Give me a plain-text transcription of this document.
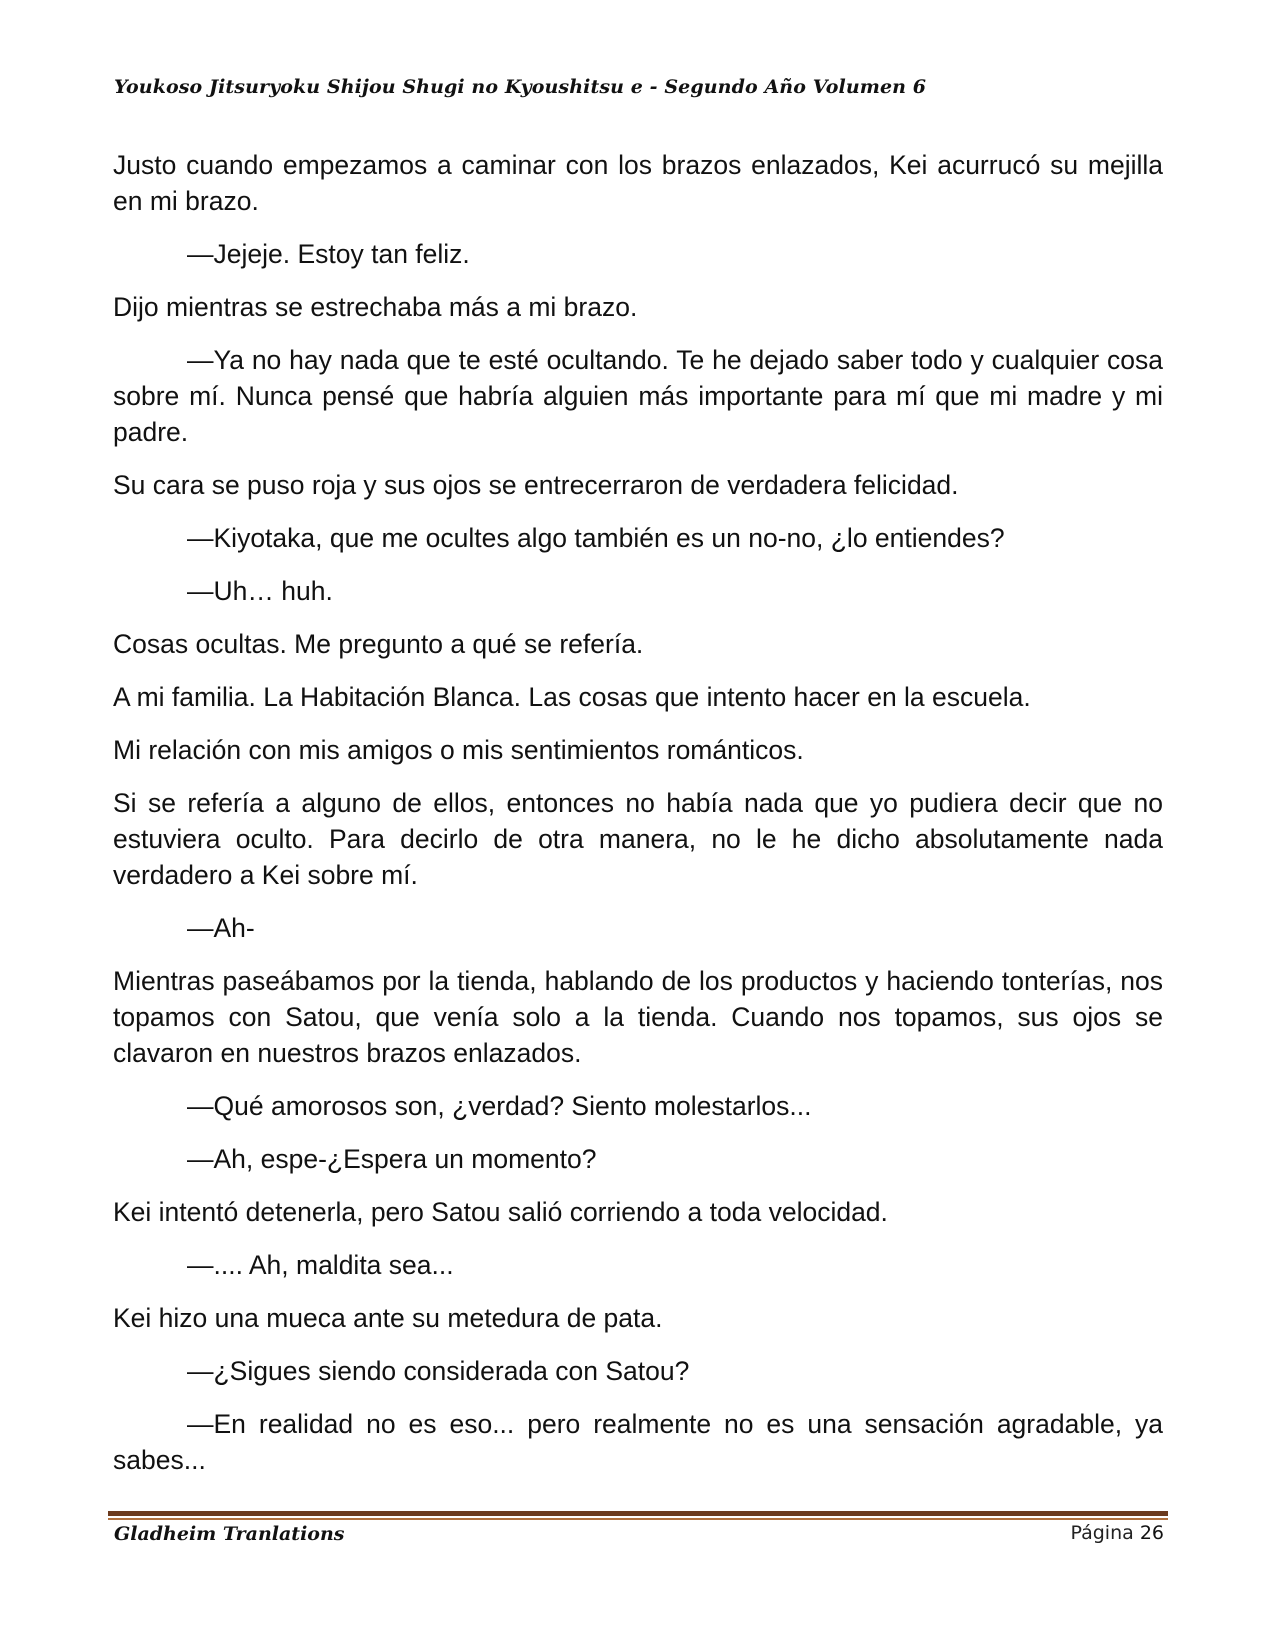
Youkoso Jitsuryoku Shijou Shugi no Kyoushitsu e - Segundo Año Volumen 6

Justo cuando empezamos a caminar con los brazos enlazados, Kei acurrucó su mejilla en mi brazo.

—Jejeje. Estoy tan feliz.

Dijo mientras se estrechaba más a mi brazo.

—Ya no hay nada que te esté ocultando. Te he dejado saber todo y cualquier cosa sobre mí. Nunca pensé que habría alguien más importante para mí que mi madre y mi padre.

Su cara se puso roja y sus ojos se entrecerraron de verdadera felicidad.

—Kiyotaka, que me ocultes algo también es un no-no, ¿lo entiendes?

—Uh… huh.

Cosas ocultas. Me pregunto a qué se refería.

A mi familia. La Habitación Blanca. Las cosas que intento hacer en la escuela.

Mi relación con mis amigos o mis sentimientos románticos.

Si se refería a alguno de ellos, entonces no había nada que yo pudiera decir que no estuviera oculto. Para decirlo de otra manera, no le he dicho absolutamente nada verdadero a Kei sobre mí.

—Ah-

Mientras paseábamos por la tienda, hablando de los productos y haciendo tonterías, nos topamos con Satou, que venía solo a la tienda. Cuando nos topamos, sus ojos se clavaron en nuestros brazos enlazados.

—Qué amorosos son, ¿verdad? Siento molestarlos...

—Ah, espe-¿Espera un momento?

Kei intentó detenerla, pero Satou salió corriendo a toda velocidad.

—.... Ah, maldita sea...

Kei hizo una mueca ante su metedura de pata.

—¿Sigues siendo considerada con Satou?

—En realidad no es eso... pero realmente no es una sensación agradable, ya sabes...

Gladheim Tranlations	Página 26
